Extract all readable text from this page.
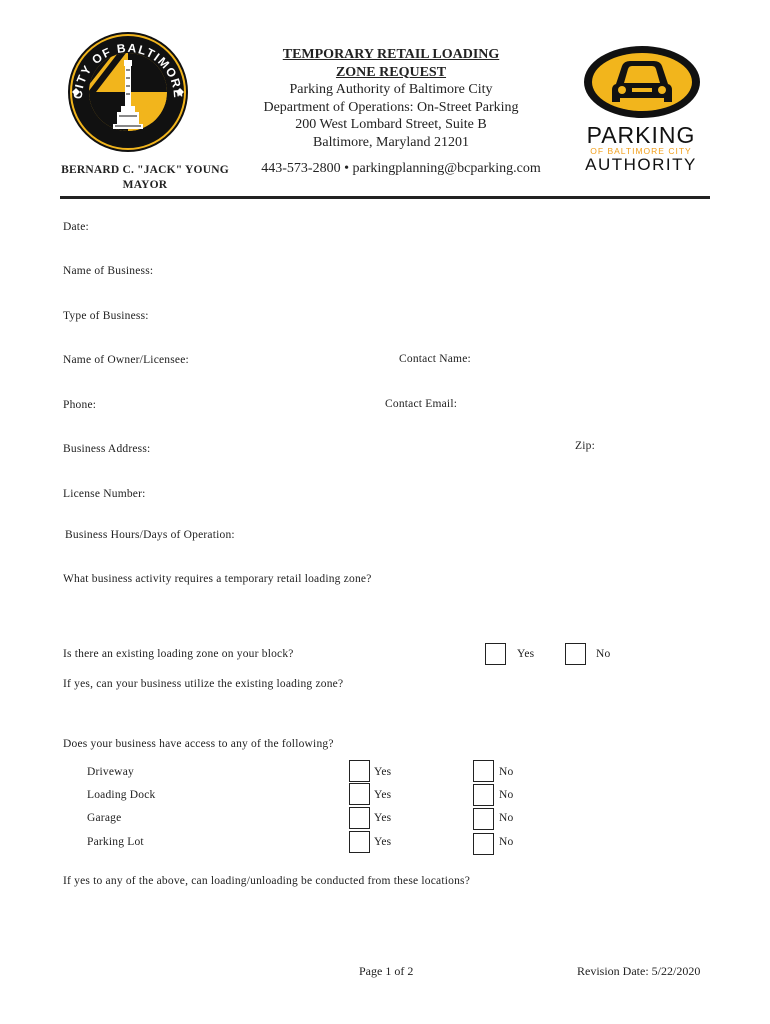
CITY OF BALTIMORE
BERNARD C. "JACK" YOUNG
MAYOR
TEMPORARY RETAIL LOADING
ZONE REQUEST
Parking Authority of Baltimore City
Department of Operations: On-Street Parking
200 West Lombard Street, Suite B
Baltimore, Maryland 21201
443-573-2800 • parkingplanning@bcparking.com
PARKING
OF BALTIMORE CITY
AUTHORITY
Date:
Name of Business:
Type of Business:
Name of Owner/Licensee:	Contact Name:
Phone:	Contact Email:
Business Address:	Zip:
License Number:
Business Hours/Days of Operation:
What business activity requires a temporary retail loading zone?
Is there an existing loading zone on your block?	Yes	No
If yes, can your business utilize the existing loading zone?
Does your business have access to any of the following?
Driveway	Yes	No
Loading Dock	Yes	No
Garage	Yes	No
Parking Lot	Yes	No
If yes to any of the above, can loading/unloading be conducted from these locations?
Page 1 of 2	Revision Date: 5/22/2020
